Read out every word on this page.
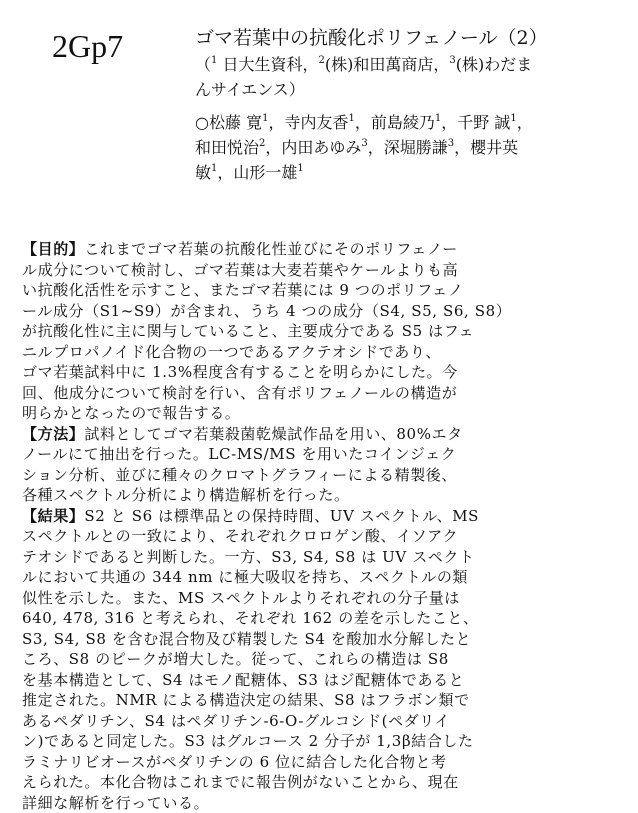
2Gp7	ゴマ若葉中の抗酸化ポリフェノール（2）
（$^1$ 日大生資科，$^2$(株)和田萬商店，$^3$(株)わだま
んサイエンス）
○松藤 寛$^1$，寺内友香$^1$，前島綾乃$^1$，千野 誠$^1$，
和田悦治$^2$，内田あゆみ$^3$，深堀勝謙$^3$，櫻井英
敏$^1$，山形一雄$^1$
【目的】これまでゴマ若葉の抗酸化性並びにそのポリフェノー
ル成分について検討し、ゴマ若葉は大麦若葉やケールよりも高
い抗酸化活性を示すこと、またゴマ若葉には 9 つのポリフェノ
ール成分（S1~S9）が含まれ、うち 4 つの成分（S4, S5, S6, S8）
が抗酸化性に主に関与していること、主要成分である S5 はフェ
ニルプロパノイド化合物の一つであるアクテオシドであり、
ゴマ若葉試料中に 1.3%程度含有することを明らかにした。今
回、他成分について検討を行い、含有ポリフェノールの構造が
明らかとなったので報告する。
【方法】試料としてゴマ若葉殺菌乾燥試作品を用い、80%エタ
ノールにて抽出を行った。LC-MS/MS を用いたコインジェク
ション分析、並びに種々のクロマトグラフィーによる精製後、
各種スペクトル分析により構造解析を行った。
【結果】S2 と S6 は標準品との保持時間、UV スペクトル、MS
スペクトルとの一致により、それぞれクロロゲン酸、イソアク
テオシドであると判断した。一方、S3, S4, S8 は UV スペクト
ルにおいて共通の 344 nm に極大吸収を持ち、スペクトルの類
似性を示した。また、MS スペクトルよりそれぞれの分子量は
640, 478, 316 と考えられ、それぞれ 162 の差を示したこと、
S3, S4, S8 を含む混合物及び精製した S4 を酸加水分解したと
ころ、S8 のピークが増大した。従って、これらの構造は S8
を基本構造として、S4 はモノ配糖体、S3 はジ配糖体であると
推定された。NMR による構造決定の結果、S8 はフラボン類で
あるペダリチン、S4 はペダリチン-6-O-グルコシド(ペダリイ
ン)であると同定した。S3 はグルコース 2 分子が 1,3β結合した
ラミナリビオースがペダリチンの 6 位に結合した化合物と考
えられた。本化合物はこれまでに報告例がないことから、現在
詳細な解析を行っている。
